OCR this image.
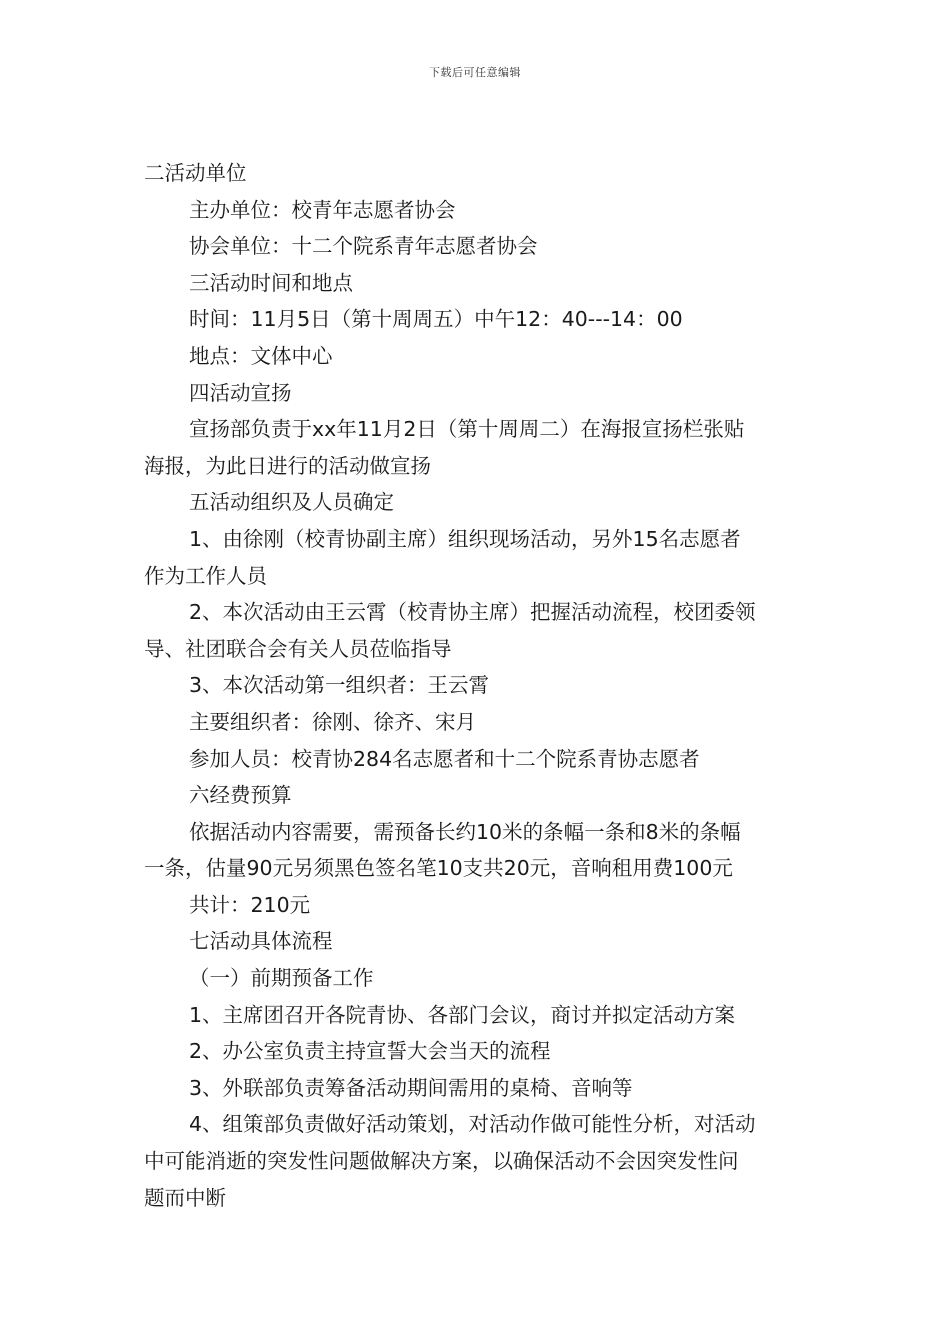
下载后可任意编辑
二活动单位
主办单位：校青年志愿者协会
协会单位：十二个院系青年志愿者协会
三活动时间和地点
时间：11月5日（第十周周五）中午12：40---14：00
地点：文体中心
四活动宣扬
宣扬部负责于xx年11月2日（第十周周二）在海报宣扬栏张贴
海报，为此日进行的活动做宣扬
五活动组织及人员确定
1、由徐刚（校青协副主席）组织现场活动，另外15名志愿者
作为工作人员
2、本次活动由王云霄（校青协主席）把握活动流程，校团委领
导、社团联合会有关人员莅临指导
3、本次活动第一组织者：王云霄
主要组织者：徐刚、徐齐、宋月
参加人员：校青协284名志愿者和十二个院系青协志愿者
六经费预算
依据活动内容需要，需预备长约10米的条幅一条和8米的条幅
一条，估量90元另须黑色签名笔10支共20元，音响租用费100元
共计：210元
七活动具体流程
（一）前期预备工作
1、主席团召开各院青协、各部门会议，商讨并拟定活动方案
2、办公室负责主持宣誓大会当天的流程
3、外联部负责筹备活动期间需用的桌椅、音响等
4、组策部负责做好活动策划，对活动作做可能性分析，对活动
中可能消逝的突发性问题做解决方案，以确保活动不会因突发性问
题而中断
